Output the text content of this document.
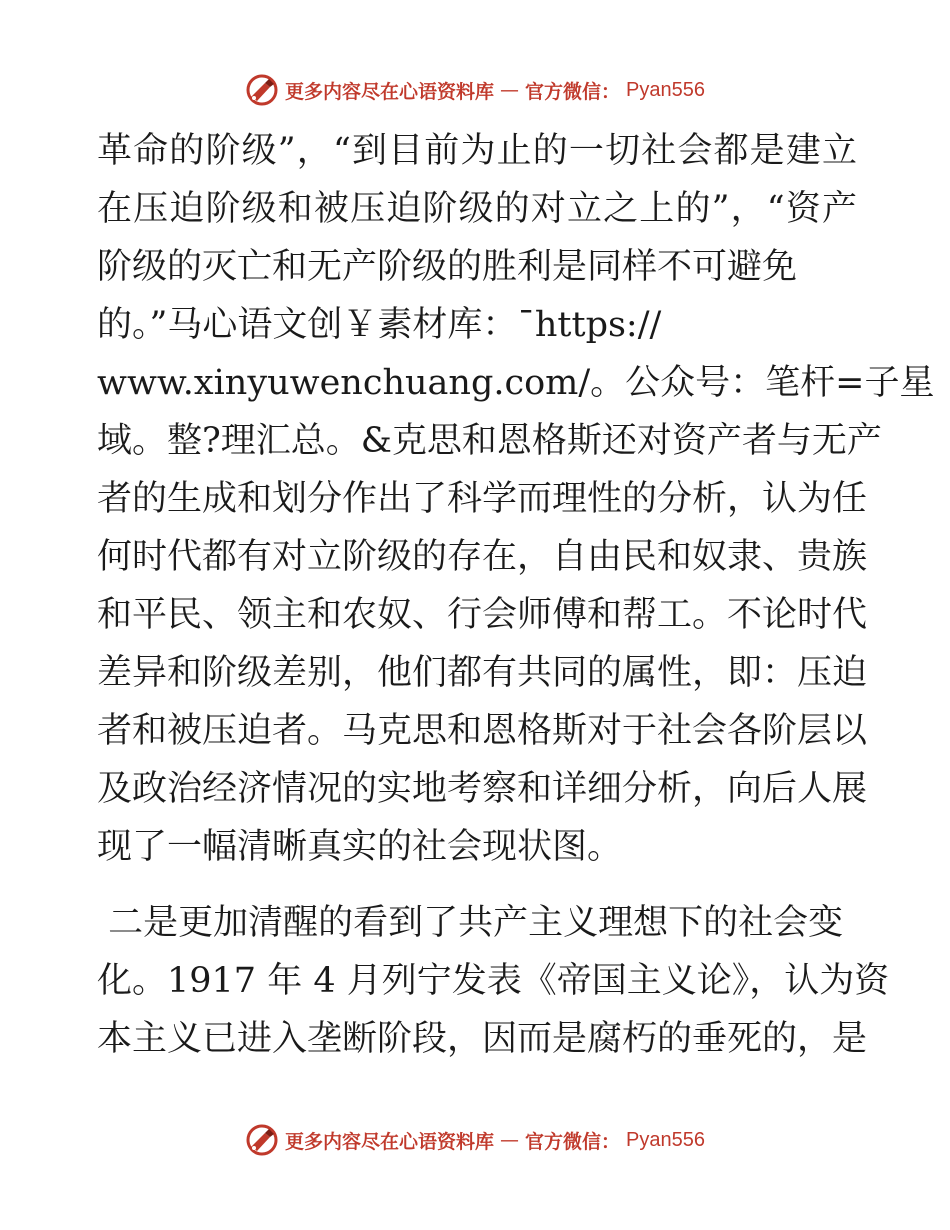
更多内容尽在心语资料库 — 官方微信： Pyan556
革命的阶级”，“到目前为止的一切社会都是建立
在压迫阶级和被压迫阶级的对立之上的”，“资产
阶级的灭亡和无产阶级的胜利是同样不可避免
的。”马心语文创￥素材库：¯https://
www.xinyuwenchuang.com/。公众号：笔杆=子星
域。整?理汇总。&克思和恩格斯还对资产者与无产
者的生成和划分作出了科学而理性的分析，认为任
何时代都有对立阶级的存在，自由民和奴隶、贵族
和平民、领主和农奴、行会师傅和帮工。不论时代
差异和阶级差别，他们都有共同的属性，即：压迫
者和被压迫者。马克思和恩格斯对于社会各阶层以
及政治经济情况的实地考察和详细分析，向后人展
现了一幅清晰真实的社会现状图。
二是更加清醒的看到了共产主义理想下的社会变
化。1917 年 4 月列宁发表《帝国主义论》，认为资
本主义已进入垄断阶段，因而是腐朽的垂死的，是
更多内容尽在心语资料库 — 官方微信： Pyan556
